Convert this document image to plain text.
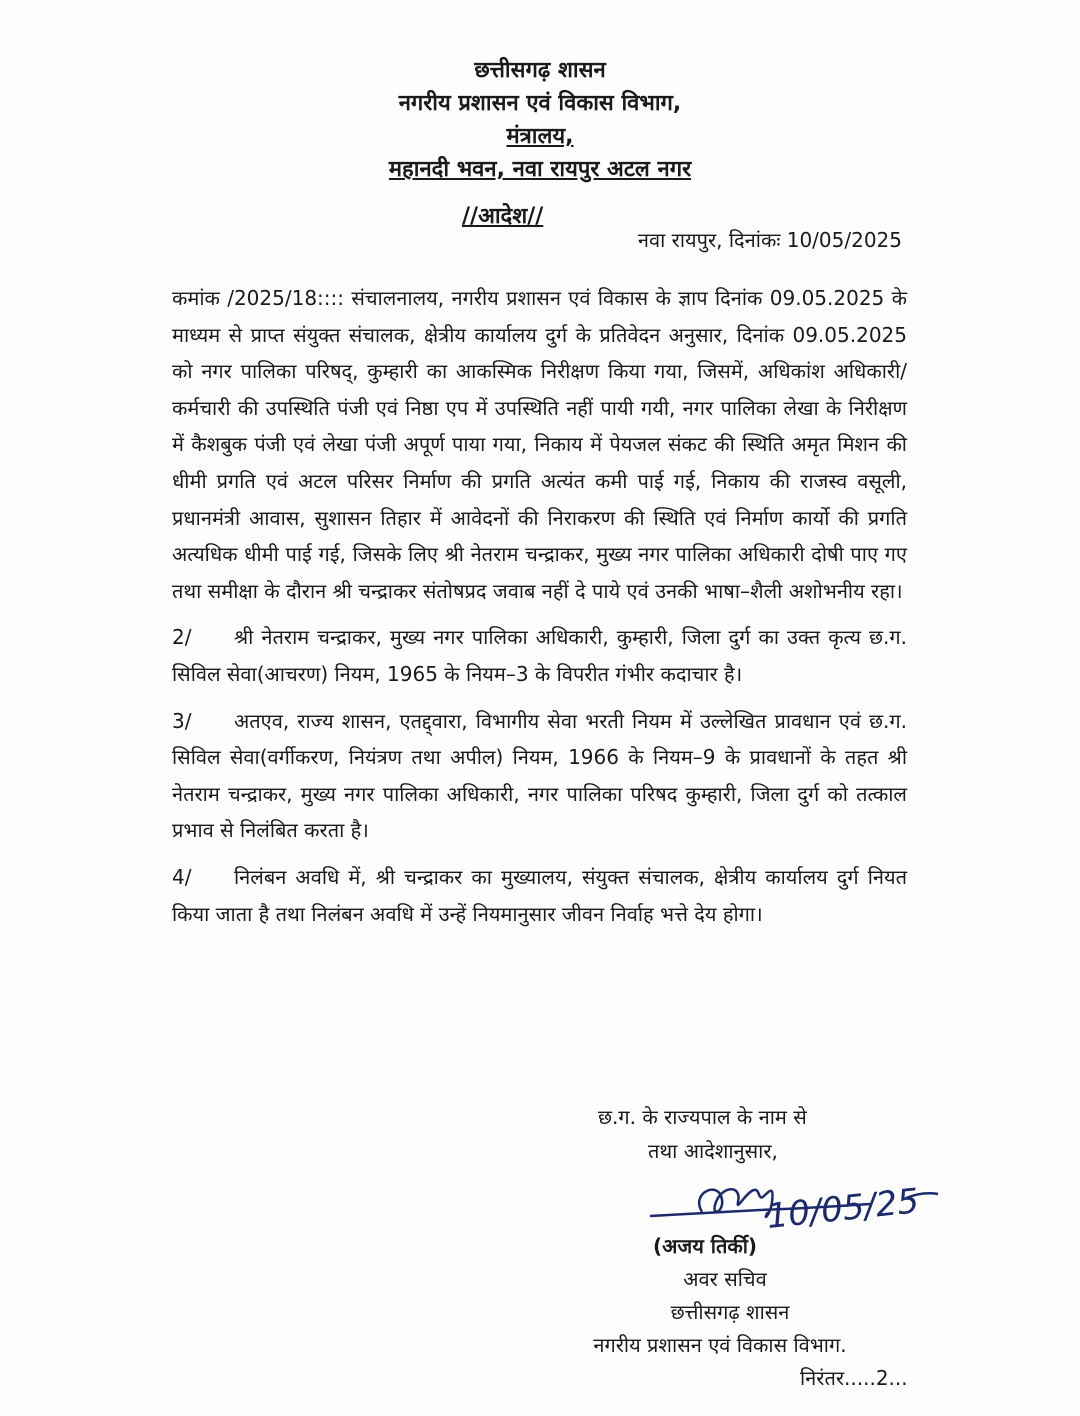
छत्तीसगढ़ शासन
नगरीय प्रशासन एवं विकास विभाग,
मंत्रालय,
महानदी भवन, नवा रायपुर अटल नगर
//आदेश//
नवा रायपुर, दिनांकः 10/05/2025

कमांक /2025/18:::: संचालनालय, नगरीय प्रशासन एवं विकास के ज्ञाप दिनांक 09.05.2025 के माध्यम से प्राप्त संयुक्त संचालक, क्षेत्रीय कार्यालय दुर्ग के प्रतिवेदन अनुसार, दिनांक 09.05.2025 को नगर पालिका परिषद्, कुम्हारी का आकस्मिक निरीक्षण किया गया, जिसमें, अधिकांश अधिकारी/कर्मचारी की उपस्थिति पंजी एवं निष्ठा एप में उपस्थिति नहीं पायी गयी, नगर पालिका लेखा के निरीक्षण में कैशबुक पंजी एवं लेखा पंजी अपूर्ण पाया गया, निकाय में पेयजल संकट की स्थिति अमृत मिशन की धीमी प्रगति एवं अटल परिसर निर्माण की प्रगति अत्यंत कमी पाई गई, निकाय की राजस्व वसूली, प्रधानमंत्री आवास, सुशासन तिहार में आवेदनों की निराकरण की स्थिति एवं निर्माण कार्यो की प्रगति अत्यधिक धीमी पाई गई, जिसके लिए श्री नेतराम चन्द्राकर, मुख्य नगर पालिका अधिकारी दोषी पाए गए तथा समीक्षा के दौरान श्री चन्द्राकर संतोषप्रद जवाब नहीं दे पाये एवं उनकी भाषा–शैली अशोभनीय रहा।

2/ श्री नेतराम चन्द्राकर, मुख्य नगर पालिका अधिकारी, कुम्हारी, जिला दुर्ग का उक्त कृत्य छ.ग. सिविल सेवा(आचरण) नियम, 1965 के नियम–3 के विपरीत गंभीर कदाचार है।

3/ अतएव, राज्य शासन, एतद्द्वारा, विभागीय सेवा भरती नियम में उल्लेखित प्रावधान एवं छ.ग. सिविल सेवा(वर्गीकरण, नियंत्रण तथा अपील) नियम, 1966 के नियम–9 के प्रावधानों के तहत श्री नेतराम चन्द्राकर, मुख्य नगर पालिका अधिकारी, नगर पालिका परिषद कुम्हारी, जिला दुर्ग को तत्काल प्रभाव से निलंबित करता है।

4/ निलंबन अवधि में, श्री चन्द्राकर का मुख्यालय, संयुक्त संचालक, क्षेत्रीय कार्यालय दुर्ग नियत किया जाता है तथा निलंबन अवधि में उन्हें नियमानुसार जीवन निर्वाह भत्ते देय होगा।

छ.ग. के राज्यपाल के नाम से
तथा आदेशानुसार,
10/05/25
(अजय तिर्की)
अवर सचिव
छत्तीसगढ़ शासन
नगरीय प्रशासन एवं विकास विभाग.
निरंतर.....2...
